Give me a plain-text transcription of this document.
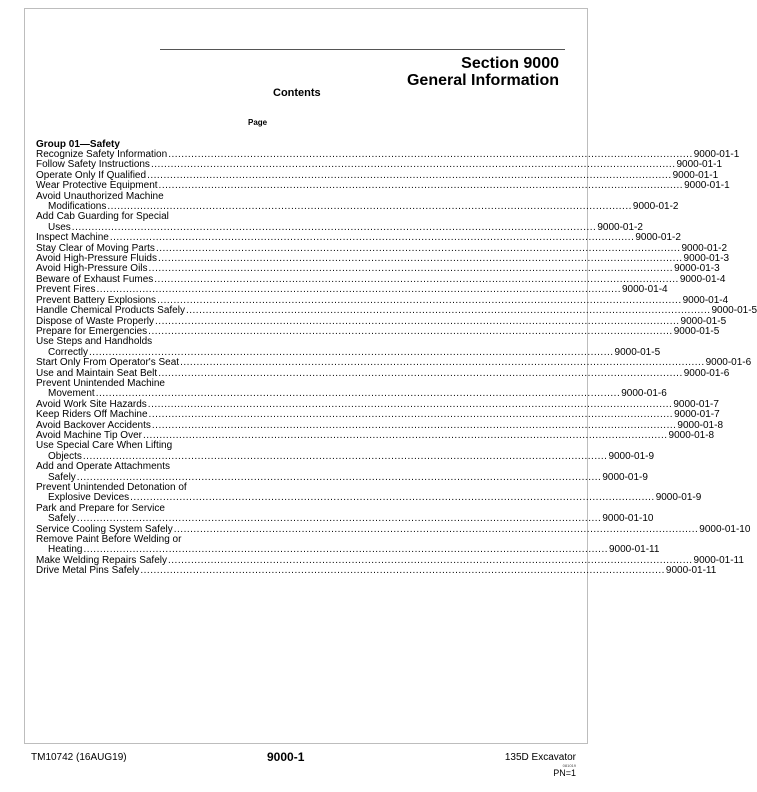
Section 9000
General Information
Contents
Page
Group 01—Safety
Recognize Safety Information ................................................................................................................................................................ 9000-01-1
Follow Safety Instructions ................................................................................................................................................................ 9000-01-1
Operate Only If Qualified ................................................................................................................................................................ 9000-01-1
Wear Protective Equipment ................................................................................................................................................................ 9000-01-1
Avoid Unauthorized Machine
Modifications ................................................................................................................................................................ 9000-01-2
Add Cab Guarding for Special
Uses ................................................................................................................................................................ 9000-01-2
Inspect Machine ................................................................................................................................................................ 9000-01-2
Stay Clear of Moving Parts ................................................................................................................................................................ 9000-01-2
Avoid High-Pressure Fluids ................................................................................................................................................................ 9000-01-3
Avoid High-Pressure Oils ................................................................................................................................................................ 9000-01-3
Beware of Exhaust Fumes ................................................................................................................................................................ 9000-01-4
Prevent Fires ................................................................................................................................................................ 9000-01-4
Prevent Battery Explosions ................................................................................................................................................................ 9000-01-4
Handle Chemical Products Safely ................................................................................................................................................................ 9000-01-5
Dispose of Waste Properly ................................................................................................................................................................ 9000-01-5
Prepare for Emergencies ................................................................................................................................................................ 9000-01-5
Use Steps and Handholds
Correctly ................................................................................................................................................................ 9000-01-5
Start Only From Operator's Seat ................................................................................................................................................................ 9000-01-6
Use and Maintain Seat Belt ................................................................................................................................................................ 9000-01-6
Prevent Unintended Machine
Movement ................................................................................................................................................................ 9000-01-6
Avoid Work Site Hazards ................................................................................................................................................................ 9000-01-7
Keep Riders Off Machine ................................................................................................................................................................ 9000-01-7
Avoid Backover Accidents ................................................................................................................................................................ 9000-01-8
Avoid Machine Tip Over ................................................................................................................................................................ 9000-01-8
Use Special Care When Lifting
Objects ................................................................................................................................................................ 9000-01-9
Add and Operate Attachments
Safely ................................................................................................................................................................ 9000-01-9
Prevent Unintended Detonation of
Explosive Devices ................................................................................................................................................................ 9000-01-9
Park and Prepare for Service
Safely ................................................................................................................................................................ 9000-01-10
Service Cooling System Safely ................................................................................................................................................................ 9000-01-10
Remove Paint Before Welding or
Heating ................................................................................................................................................................ 9000-01-11
Make Welding Repairs Safely ................................................................................................................................................................ 9000-01-11
Drive Metal Pins Safely ................................................................................................................................................................ 9000-01-11
TM10742 (16AUG19)	9000-1	135D Excavator
081019
PN=1
